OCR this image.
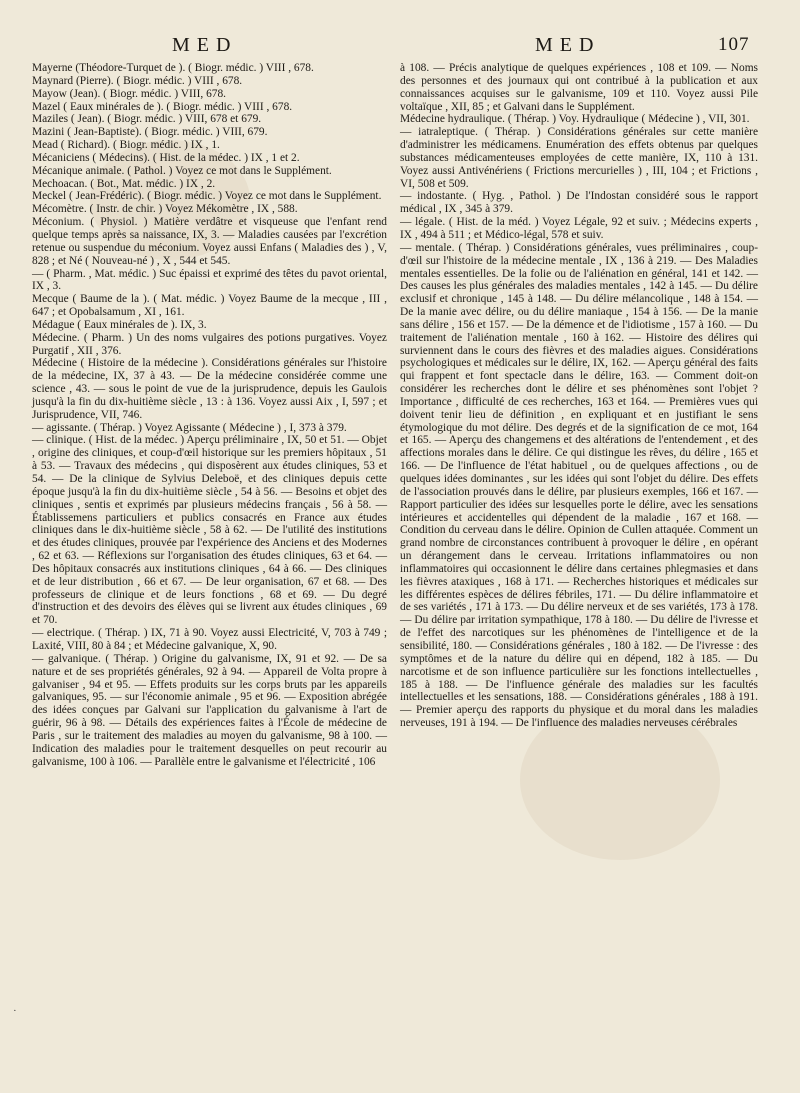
MED	MED	107

Mayerne (Théodore-Turquet de ). ( Biogr. médic. ) VIII , 678.

Maynard (Pierre). ( Biogr. médic. ) VIII , 678.

Mayow (Jean). ( Biogr. médic. ) VIII, 678.

Mazel ( Eaux minérales de ). ( Biogr. médic. ) VIII , 678.

Maziles ( Jean). ( Biogr. médic. ) VIII, 678 et 679.

Mazini ( Jean-Baptiste). ( Biogr. médic. ) VIII, 679.

Mead ( Richard). ( Biogr. médic. ) IX , 1.

Mécaniciens ( Médecins). ( Hist. de la médec. ) IX , 1 et 2.

Mécanique animale. ( Pathol. ) Voyez ce mot dans le Supplément.

Mechoacan. ( Bot., Mat. médic. ) IX , 2.

Meckel ( Jean-Frédéric). ( Biogr. médic. ) Voyez ce mot dans le Supplément.

Mécomètre. ( Instr. de chir. ) Voyez Mékomètre , IX , 588.

Méconium. ( Physiol. ) Matière verdâtre et visqueuse que l'enfant rend quelque temps après sa naissance, IX, 3. — Maladies causées par l'excrétion retenue ou suspendue du méconium. Voyez aussi Enfans ( Maladies des ) , V, 828 ; et Né ( Nouveau-né ) , X , 544 et 545.

— ( Pharm. , Mat. médic. ) Suc épaissi et exprimé des têtes du pavot oriental, IX , 3.

Mecque ( Baume de la ). ( Mat. médic. ) Voyez Baume de la mecque , III , 647 ; et Opobalsamum , XI , 161.

Médague ( Eaux minérales de ). IX, 3.

Médecine. ( Pharm. ) Un des noms vulgaires des potions purgatives. Voyez Purgatif , XII , 376.

Médecine ( Histoire de la médecine ). Considérations générales sur l'histoire de la médecine, IX, 37 à 43. — De la médecine considérée comme une science , 43. — sous le point de vue de la jurisprudence, depuis les Gaulois jusqu'à la fin du dix-huitième siècle , 13 : à 136. Voyez aussi Aix , I, 597 ; et Jurisprudence, VII, 746.

— agissante. ( Thérap. ) Voyez Agissante ( Médecine ) , I, 373 à 379.

— clinique. ( Hist. de la médec. ) Aperçu préliminaire , IX, 50 et 51. — Objet , origine des cliniques, et coup-d'œil historique sur les premiers hôpitaux , 51 à 53. — Travaux des médecins , qui disposèrent aux études cliniques, 53 et 54. — De la clinique de Sylvius Deleboë, et des cliniques depuis cette époque jusqu'à la fin du dix-huitième siècle , 54 à 56. — Besoins et objet des cliniques , sentis et exprimés par plusieurs médecins français , 56 à 58. — Établissemens particuliers et publics consacrés en France aux études cliniques dans le dix-huitième siècle , 58 à 62. — De l'utilité des institutions et des études cliniques, prouvée par l'expérience des Anciens et des Modernes , 62 et 63. — Réflexions sur l'organisation des études cliniques, 63 et 64. — Des hôpitaux consacrés aux institutions cliniques , 64 à 66. — Des cliniques et de leur distribution , 66 et 67. — De leur organisation, 67 et 68. — Des professeurs de clinique et de leurs fonctions , 68 et 69. — Du degré d'instruction et des devoirs des élèves qui se livrent aux études cliniques , 69 et 70.

— electrique. ( Thérap. ) IX, 71 à 90. Voyez aussi Electricité, V, 703 à 749 ; Laxité, VIII, 80 à 84 ; et Médecine galvanique, X, 90.

— galvanique. ( Thérap. ) Origine du galvanisme, IX, 91 et 92. — De sa nature et de ses propriétés générales, 92 à 94. — Appareil de Volta propre à galvaniser , 94 et 95. — Effets produits sur les corps bruts par les appareils galvaniques, 95. — sur l'économie animale , 95 et 96. — Exposition abrégée des idées conçues par Galvani sur l'application du galvanisme à l'art de guérir, 96 à 98. — Détails des expériences faites à l'École de médecine de Paris , sur le traitement des maladies au moyen du galvanisme, 98 à 100. — Indication des maladies pour le traitement desquelles on peut recourir au galvanisme, 100 à 106. — Parallèle entre le galvanisme et l'électricité , 106

à 108. — Précis analytique de quelques expériences , 108 et 109. — Noms des personnes et des journaux qui ont contribué à la publication et aux connaissances acquises sur le galvanisme, 109 et 110. Voyez aussi Pile voltaïque , XII, 85 ; et Galvani dans le Supplément.

Médecine hydraulique. ( Thérap. ) Voy. Hydraulique ( Médecine ) , VII, 301.

— iatraleptique. ( Thérap. ) Considérations générales sur cette manière d'administrer les médicamens. Enumération des effets obtenus par quelques substances médicamenteuses employées de cette manière, IX, 110 à 131. Voyez aussi Antivénériens ( Frictions mercurielles ) , III, 104 ; et Frictions , VI, 508 et 509.

— indostante. ( Hyg. , Pathol. ) De l'Indostan considéré sous le rapport médical , IX , 345 à 379.

— légale. ( Hist. de la méd. ) Voyez Légale, 92 et suiv. ; Médecins experts , IX , 494 à 511 ; et Médico-légal, 578 et suiv.

— mentale. ( Thérap. ) Considérations générales, vues préliminaires , coup-d'œil sur l'histoire de la médecine mentale , IX , 136 à 219. — Des Maladies mentales essentielles. De la folie ou de l'aliénation en général, 141 et 142. — Des causes les plus générales des maladies mentales , 142 à 145. — Du délire exclusif et chronique , 145 à 148. — Du délire mélancolique , 148 à 154. — De la manie avec délire, ou du délire maniaque , 154 à 156. — De la manie sans délire , 156 et 157. — De la démence et de l'idiotisme , 157 à 160. — Du traitement de l'aliénation mentale , 160 à 162. — Histoire des délires qui surviennent dans le cours des fièvres et des maladies aigues. Considérations psychologiques et médicales sur le délire, IX, 162. — Aperçu général des faits qui frappent et font spectacle dans le délire, 163. — Comment doit-on considérer les recherches dont le délire et ses phénomènes sont l'objet ? Importance , difficulté de ces recherches, 163 et 164. — Premières vues qui doivent tenir lieu de définition , en expliquant et en justifiant le sens étymologique du mot délire. Des degrés et de la signification de ce mot, 164 et 165. — Aperçu des changemens et des altérations de l'entendement , et des affections morales dans le délire. Ce qui distingue les rêves, du délire , 165 et 166. — De l'influence de l'état habituel , ou de quelques affections , ou de quelques idées dominantes , sur les idées qui sont l'objet du délire. Des effets de l'association prouvés dans le délire, par plusieurs exemples, 166 et 167. — Rapport particulier des idées sur lesquelles porte le délire, avec les sensations intérieures et accidentelles qui dépendent de la maladie , 167 et 168. — Condition du cerveau dans le délire. Opinion de Cullen attaquée. Comment un grand nombre de circonstances contribuent à provoquer le délire , en opérant un dérangement dans le cerveau. Irritations inflammatoires ou non inflammatoires qui occasionnent le délire dans certaines phlegmasies et dans les fièvres ataxiques , 168 à 171. — Recherches historiques et médicales sur les différentes espèces de délires fébriles, 171. — Du délire inflammatoire et de ses variétés , 171 à 173. — Du délire nerveux et de ses variétés, 173 à 178. — Du délire par irritation sympathique, 178 à 180. — Du délire de l'ivresse et de l'effet des narcotiques sur les phénomènes de l'intelligence et de la sensibilité, 180. — Considérations générales , 180 à 182. — De l'ivresse : des symptômes et de la nature du délire qui en dépend, 182 à 185. — Du narcotisme et de son influence particulière sur les fonctions intellectuelles , 185 à 188. — De l'influence générale des maladies sur les facultés intellectuelles et les sensations, 188. — Considérations générales , 188 à 191. — Premier aperçu des rapports du physique et du moral dans les maladies nerveuses, 191 à 194. — De l'influence des maladies nerveuses cérébrales

·
